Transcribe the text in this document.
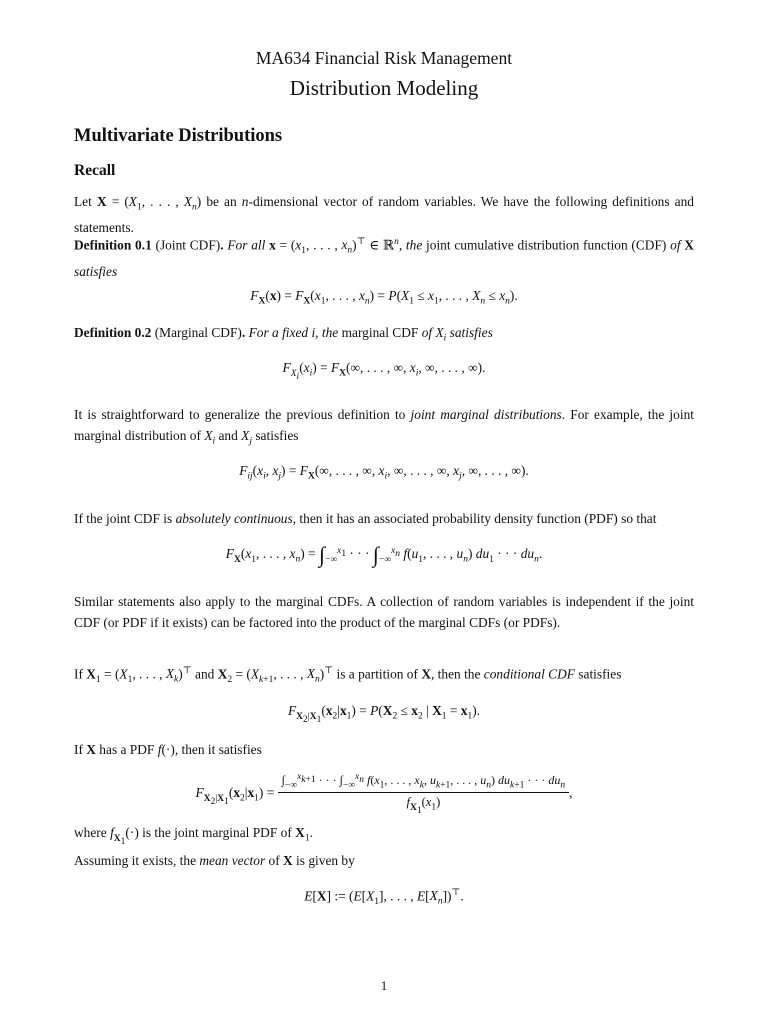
MA634 Financial Risk Management
Distribution Modeling
Multivariate Distributions
Recall
Let $X = (X_1$, . . . , $X_n$) be an n-dimensional vector of random variables. We have the following definitions and statements.
Definition 0.1 (Joint CDF). For all $x = (x_1$, . . . , $x_n)^⊤$ ∈ ℝ$^n$, the joint cumulative distribution function (CDF) of X satisfies
$F_X(x) = F_X(x_1$, . . . , $x_n) = P(X_1 \le x_1$, . . . , $X_n \le x_n$).
Definition 0.2 (Marginal CDF). For a fixed i, the marginal CDF of $X_i$ satisfies
$F_{X_i}(x_i) = F_X(\infty$, . . . , ∞, $x_i$, ∞, . . . , ∞).
It is straightforward to generalize the previous definition to joint marginal distributions. For example, the joint marginal distribution of $X_i$ and $X_j$ satisfies
$F_{ij}(x_i$, $x_j) = F_X(\infty$, . . . , ∞, $x_i$, ∞, . . . , ∞, $x_j$, ∞, . . . , ∞).
If the joint CDF is absolutely continuous, then it has an associated probability density function (PDF) so that
$F_X(x_1$, . . . , $x_n) = \int_{-\infty}^{x_1}$ · · · $\int_{-\infty}^{x_n}$ $f(u_1$, . . . , $u_n$) $du_1$ · · · $du_n$.
Similar statements also apply to the marginal CDFs. A collection of random variables is independent if the joint CDF (or PDF if it exists) can be factored into the product of the marginal CDFs (or PDFs).
If $X_1 = (X_1$, . . . , $X_k)^⊤$ and $X_2 = (X_{k+1}$, . . . , $X_n)^⊤$ is a partition of X, then the conditional CDF satisfies
$F_{X_2|X_1}(x_2|x_1) = P(X_2 \le x_2$ | $X_1 = x_1$).
If X has a PDF f(·), then it satisfies
$F_{X_2|X_1}(x_2|x_1)$ =
$\int_{-\infty}^{x_{k+1}}$ · · · $\int_{-\infty}^{x_n}$ $f(x_1$, . . . , $x_k$, $u_{k+1}$, . . . , $u_n$) $du_{k+1}$ · · · $du_n$
$f_{X_1}(x_1)$
,
where $f_{X_1}(\cdot)$ is the joint marginal PDF of $X_1$.
Assuming it exists, the mean vector of X is given by
E[X] := ($E[X_1]$, . . . , $E[X_n])^⊤$.
1
